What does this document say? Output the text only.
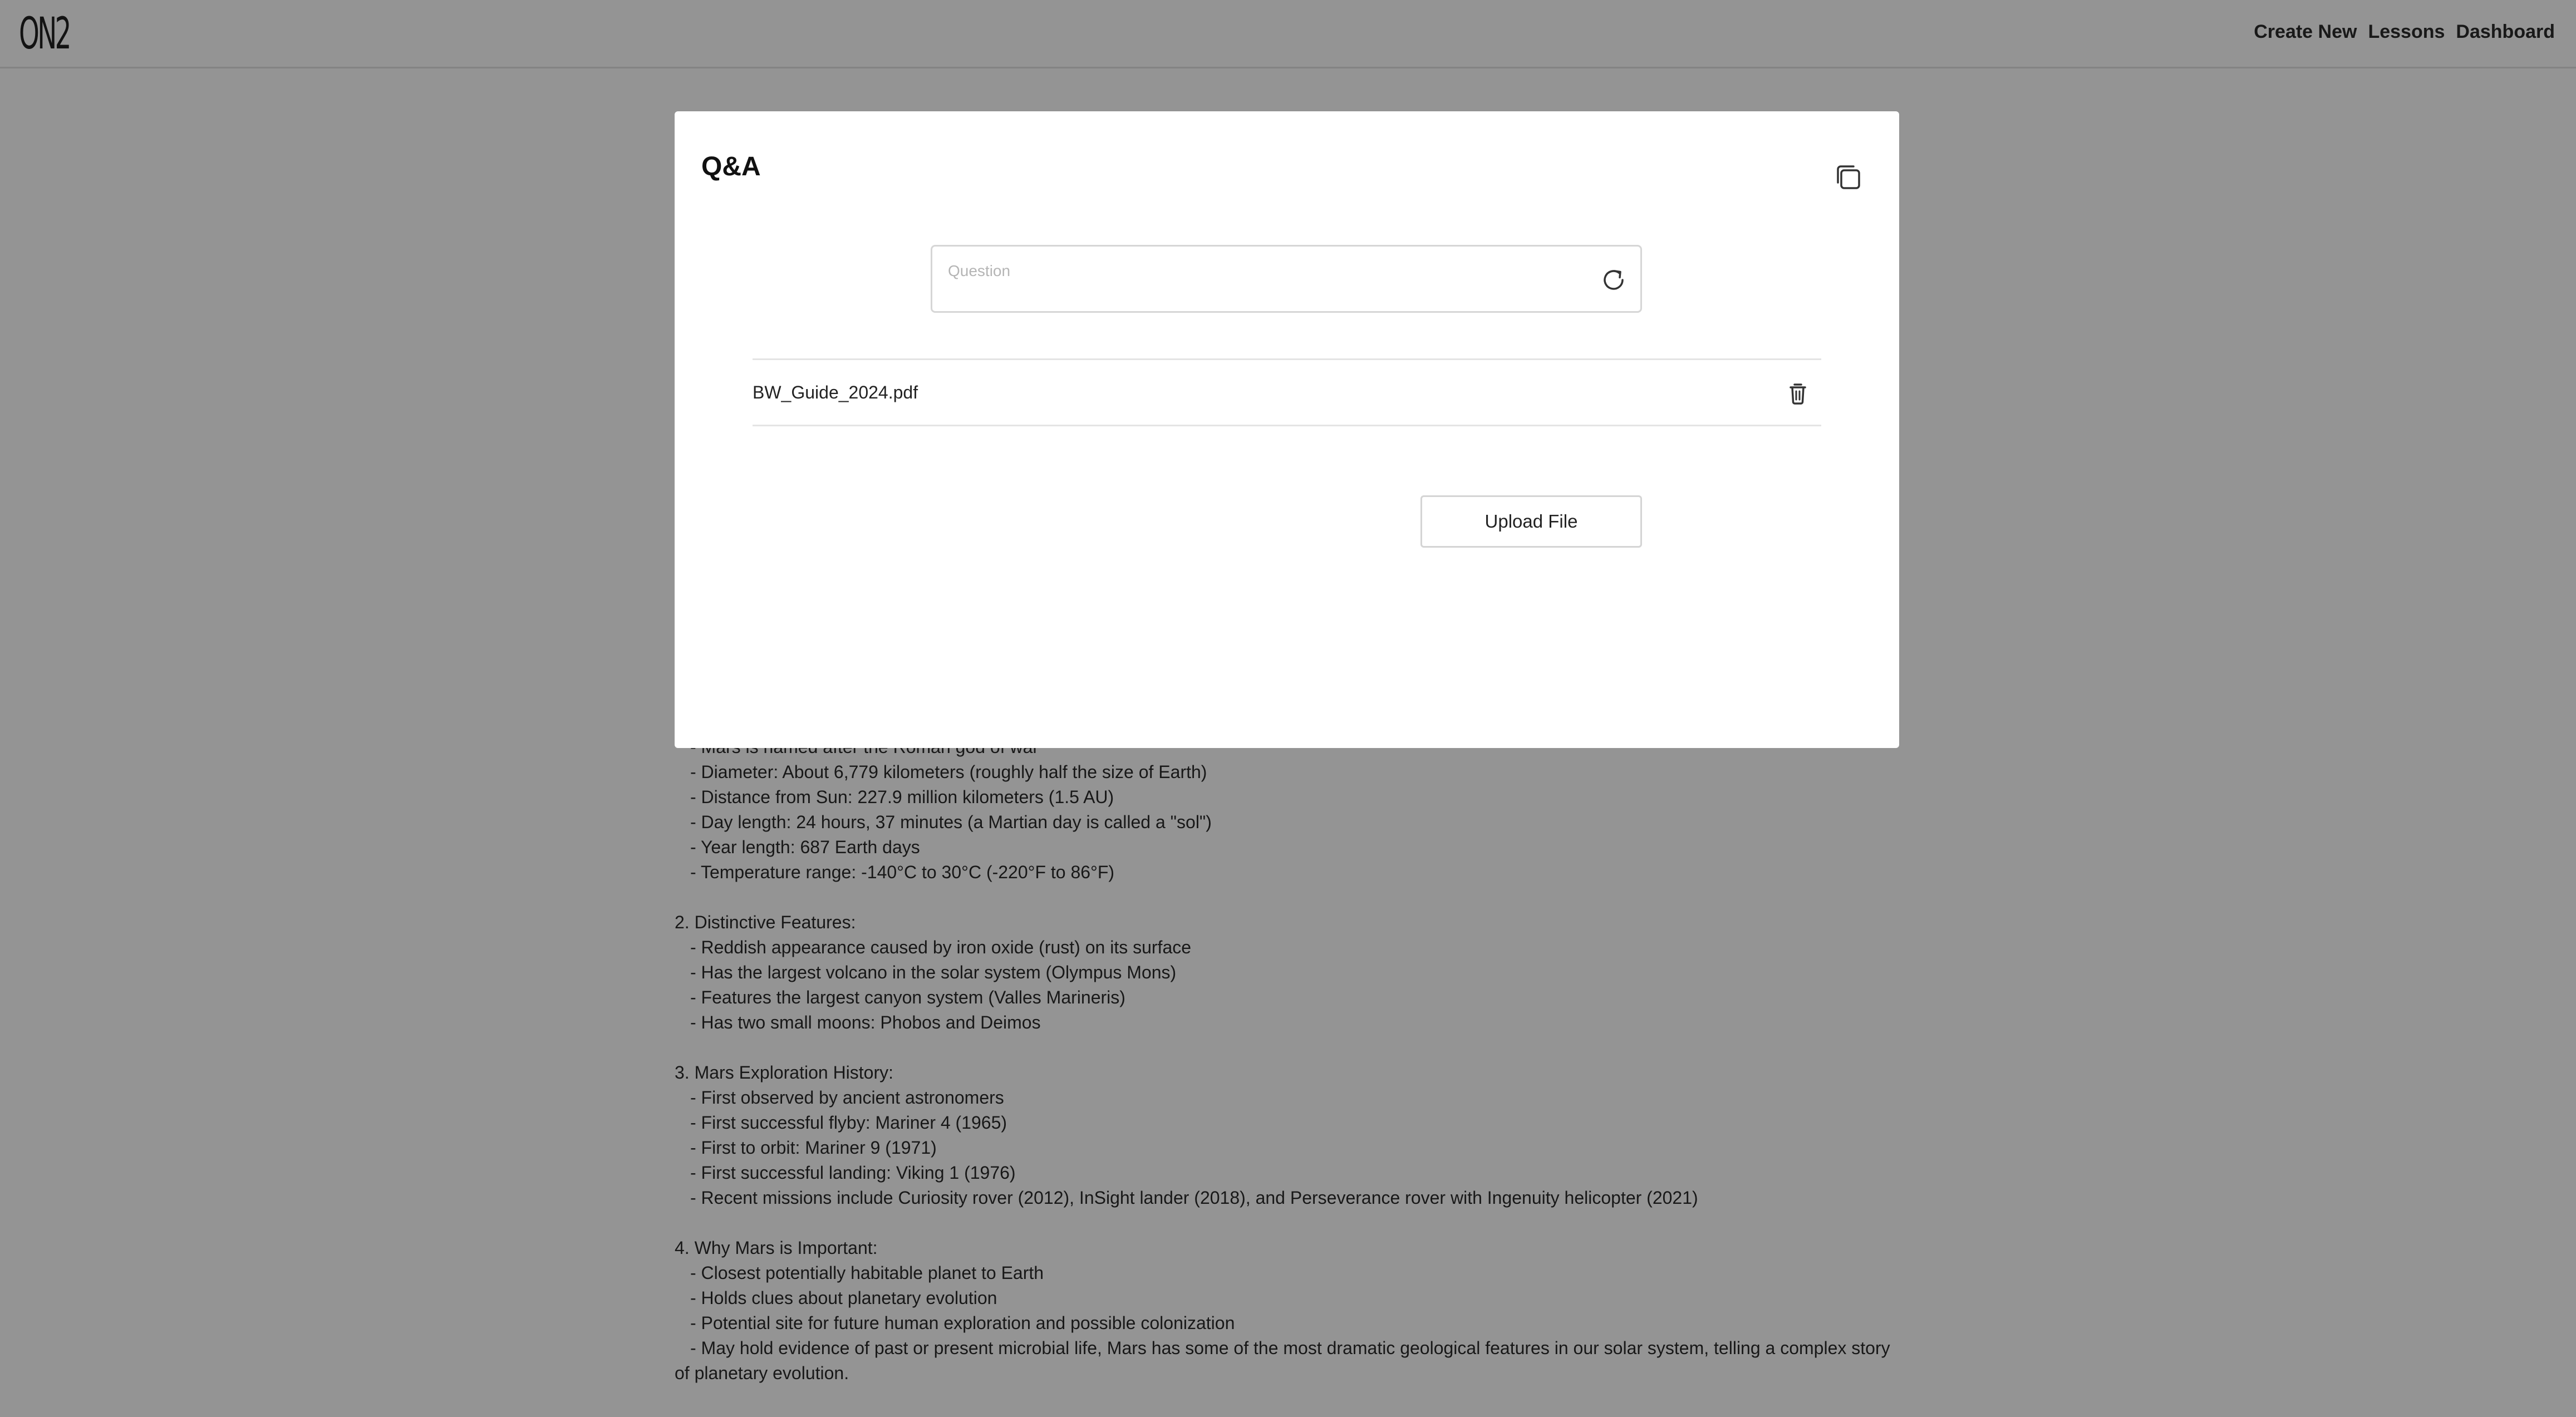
ON2	Create New Lessons Dashboard
- Diameter: About 6,779 kilometers (roughly half the size of Earth)
- Distance from Sun: 227.9 million kilometers (1.5 AU)
- Day length: 24 hours, 37 minutes (a Martian day is called a "sol")
- Year length: 687 Earth days
- Temperature range: -140°C to 30°C (-220°F to 86°F)
2. Distinctive Features:
- Reddish appearance caused by iron oxide (rust) on its surface
- Has the largest volcano in the solar system (Olympus Mons)
- Features the largest canyon system (Valles Marineris)
- Has two small moons: Phobos and Deimos
3. Mars Exploration History:
- First observed by ancient astronomers
- First successful flyby: Mariner 4 (1965)
- First to orbit: Mariner 9 (1971)
- First successful landing: Viking 1 (1976)
- Recent missions include Curiosity rover (2012), InSight lander (2018), and Perseverance rover with Ingenuity helicopter (2021)
4. Why Mars is Important:
- Closest potentially habitable planet to Earth
- Holds clues about planetary evolution
- Potential site for future human exploration and possible colonization
- May hold evidence of past or present microbial life, Mars has some of the most dramatic geological features in our solar system, telling a complex story of planetary evolution.
Q&A
Question
BW_Guide_2024.pdf
Upload File
